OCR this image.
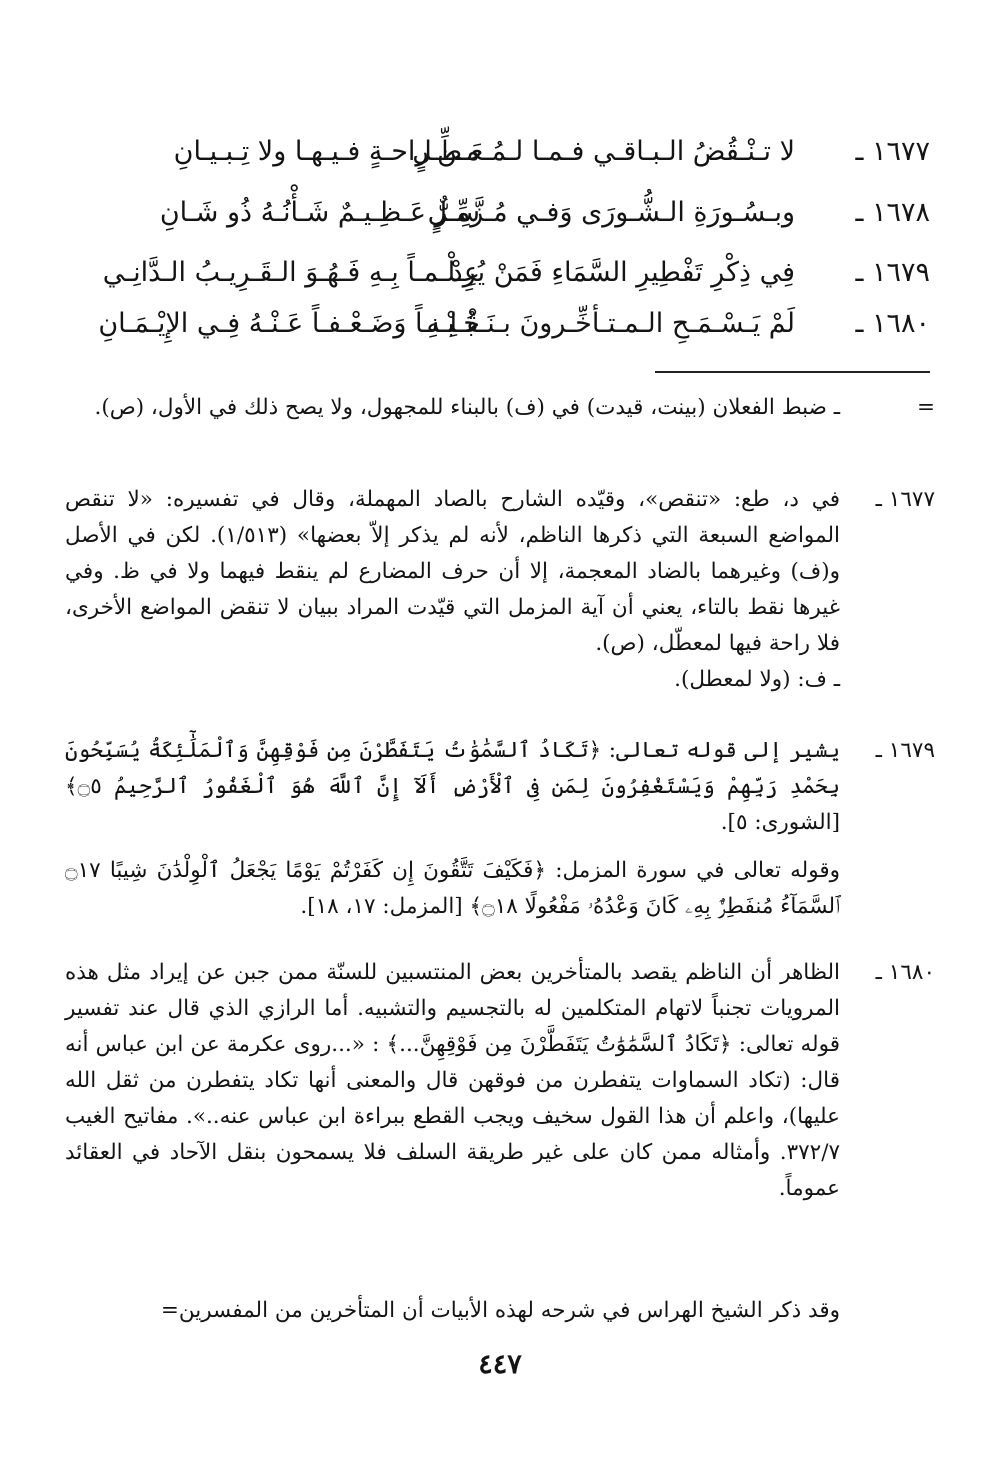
١٦٧٧ ـ
لا تـنْـقُضُ الـبـاقـي فـمـا لـمُـعَـطِّـلٍ
مـن راحـةٍ فـيـهـا ولا تِـبـيـانِ
١٦٧٨ ـ
وبـسُـورَةِ الـشُّـورَى وَفـي مُـزَّمِّـلٍ
سِـرٌّ عَـظِـيـمٌ شَـأْنُـهُ ذُو شَـانِ
١٦٧٩ ـ
فِي ذِكْرِ تَفْطِيرِ السَّمَاءِ فَمَنْ يُرِدْ
عِـلْـمـاً بِـهِ فَـهُـوَ الـقَـرِيـبُ الـدَّانِـي
١٦٨٠ ـ
لَمْ يَـسْـمَـحِ الـمـتـأخِّـرونَ بـنَـقْـلِـهِ
جُـبْـنـاً وَضَـعْـفـاً عَـنْـهُ فِـي الإِيْـمَـانِ
=

ـ ضبط الفعلان (بينت، قيدت) في (ف) بالبناء للمجهول، ولا يصح ذلك في الأول، (ص).

١٦٧٧ ـ

في د، طع: «تنقص»، وقيّده الشارح بالصاد المهملة، وقال في تفسيره: «لا تنقص المواضع السبعة التي ذكرها الناظم، لأنه لم يذكر إلاّ بعضها» (١/٥١٣). لكن في الأصل و(ف) وغيرهما بالضاد المعجمة، إلا أن حرف المضارع لم ينقط فيهما ولا في ظ. وفي غيرها نقط بالتاء، يعني أن آية المزمل التي قيّدت المراد ببيان لا تنقض المواضع الأخرى، فلا راحة فيها لمعطّل، (ص).

ـ ف: (ولا لمعطل).

١٦٧٩ ـ

يشير إلى قوله تعالى: ﴿تَكَادُ ٱلسَّمَٰوَٰتُ يَتَفَطَّرْنَ مِن فَوْقِهِنَّ وَٱلْمَلَٰٓئِكَةُ يُسَبِّحُونَ بِحَمْدِ رَبِّهِمْ وَيَسْتَغْفِرُونَ لِمَن فِى ٱلْأَرْضِ أَلَآ إِنَّ ٱللَّهَ هُوَ ٱلْغَفُورُ ٱلرَّحِيمُ ۝٥﴾ [الشورى: ٥].

وقوله تعالى في سورة المزمل: ﴿فَكَيْفَ تَتَّقُونَ إِن كَفَرْتُمْ يَوْمًا يَجْعَلُ ٱلْوِلْدَٰنَ شِيبًا ۝١٧ ٱلسَّمَآءُ مُنفَطِرٌۢ بِهِۦ كَانَ وَعْدُهُۥ مَفْعُولًا ۝١٨﴾ [المزمل: ١٧، ١٨].

١٦٨٠ ـ

الظاهر أن الناظم يقصد بالمتأخرين بعض المنتسبين للسنّة ممن جبن عن إيراد مثل هذه المرويات تجنباً لاتهام المتكلمين له بالتجسيم والتشبيه. أما الرازي الذي قال عند تفسير قوله تعالى: ﴿تَكَادُ ٱلسَّمَٰوَٰتُ يَتَفَطَّرْنَ مِن فَوْقِهِنَّ...﴾ : «...روى عكرمة عن ابن عباس أنه قال: (تكاد السماوات يتفطرن من فوقهن قال والمعنى أنها تكاد يتفطرن من ثقل الله عليها)، واعلم أن هذا القول سخيف ويجب القطع ببراءة ابن عباس عنه..». مفاتيح الغيب ٣٧٢/٧. وأمثاله ممن كان على غير طريقة السلف فلا يسمحون بنقل الآحاد في العقائد عموماً.

وقد ذكر الشيخ الهراس في شرحه لهذه الأبيات أن المتأخرين من المفسرين=
٤٤٧
